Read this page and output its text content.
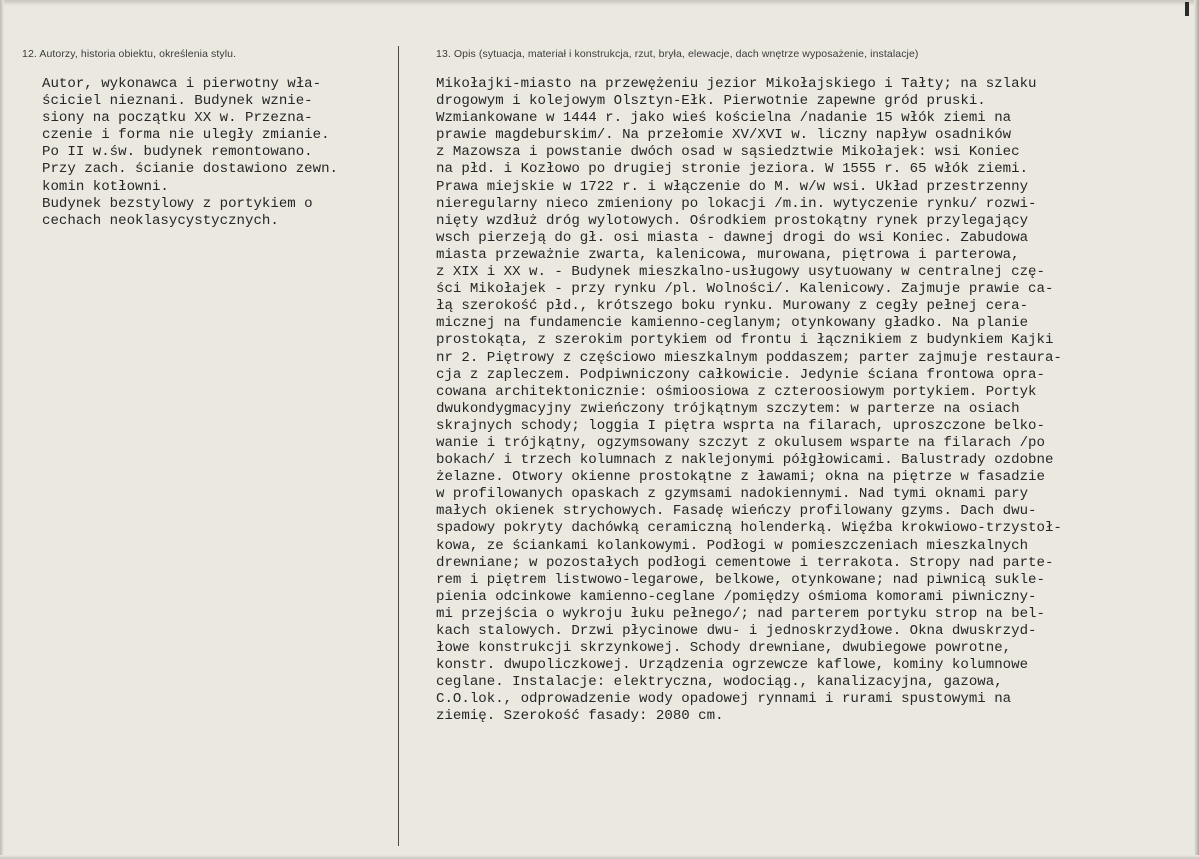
12. Autorzy, historia obiektu, określenia stylu.
Autor, wykonawca i pierwotny wła-
ściciel nieznani. Budynek wznie-
siony na początku XX w. Przezna-
czenie i forma nie uległy zmianie.
Po II w.św. budynek remontowano.
Przy zach. ścianie dostawiono zewn.
komin kotłowni.
Budynek bezstylowy z portykiem o
cechach neoklasycystycznych.
13. Opis (sytuacja, materiał i konstrukcja, rzut, bryła, elewacje, dach wnętrze wyposażenie, instalacje)
Mikołajki-miasto na przewężeniu jezior Mikołajskiego i Tałty; na szlaku
drogowym i kolejowym Olsztyn-Ełk. Pierwotnie zapewne gród pruski.
Wzmiankowane w 1444 r. jako wieś kościelna /nadanie 15 włók ziemi na
prawie magdeburskim/. Na przełomie XV/XVI w. liczny napływ osadników
z Mazowsza i powstanie dwóch osad w sąsiedztwie Mikołajek: wsi Koniec
na płd. i Kozłowo po drugiej stronie jeziora. W 1555 r. 65 włók ziemi.
Prawa miejskie w 1722 r. i włączenie do M. w/w wsi. Układ przestrzenny
nieregularny nieco zmieniony po lokacji /m.in. wytyczenie rynku/ rozwi-
nięty wzdłuż dróg wylotowych. Ośrodkiem prostokątny rynek przylegający
wsch pierzeją do gł. osi miasta - dawnej drogi do wsi Koniec. Zabudowa
miasta przeważnie zwarta, kalenicowa, murowana, piętrowa i parterowa,
z XIX i XX w. - Budynek mieszkalno-usługowy usytuowany w centralnej czę-
ści Mikołajek - przy rynku /pl. Wolności/. Kalenicowy. Zajmuje prawie ca-
łą szerokość płd., krótszego boku rynku. Murowany z cegły pełnej cera-
micznej na fundamencie kamienno-ceglanym; otynkowany gładko. Na planie
prostokąta, z szerokim portykiem od frontu i łącznikiem z budynkiem Kajki
nr 2. Piętrowy z częściowo mieszkalnym poddaszem; parter zajmuje restaura-
cja z zapleczem. Podpiwniczony całkowicie. Jedynie ściana frontowa opra-
cowana architektonicznie: ośmioosiowa z czteroosiowym portykiem. Portyk
dwukondygmacyjny zwieńczony trójkątnym szczytem: w parterze na osiach
skrajnych schody; loggia I piętra wsprta na filarach, uproszczone belko-
wanie i trójkątny, ogzymsowany szczyt z okulusem wsparte na filarach /po
bokach/ i trzech kolumnach z naklejonymi półgłowicami. Balustrady ozdobne
żelazne. Otwory okienne prostokątne z ławami; okna na piętrze w fasadzie
w profilowanych opaskach z gzymsami nadokiennymi. Nad tymi oknami pary
małych okienek strychowych. Fasadę wieńczy profilowany gzyms. Dach dwu-
spadowy pokryty dachówką ceramiczną holenderką. Więźba krokwiowo-trzystoł-
kowa, ze ściankami kolankowymi. Podłogi w pomieszczeniach mieszkalnych
drewniane; w pozostałych podłogi cementowe i terrakota. Stropy nad parte-
rem i piętrem listwowo-legarowe, belkowe, otynkowane; nad piwnicą sukle-
pienia odcinkowe kamienno-ceglane /pomiędzy ośmioma komorami piwniczny-
mi przejścia o wykroju łuku pełnego/; nad parterem portyku strop na bel-
kach stalowych. Drzwi płycinowe dwu- i jednoskrzydłowe. Okna dwuskrzyd-
łowe konstrukcji skrzynkowej. Schody drewniane, dwubiegowe powrotne,
konstr. dwupoliczkowej. Urządzenia ogrzewcze kaflowe, kominy kolumnowe
ceglane. Instalacje: elektryczna, wodociąg., kanalizacyjna, gazowa,
C.O.lok., odprowadzenie wody opadowej rynnami i rurami spustowymi na
ziemię. Szerokość fasady: 2080 cm.
